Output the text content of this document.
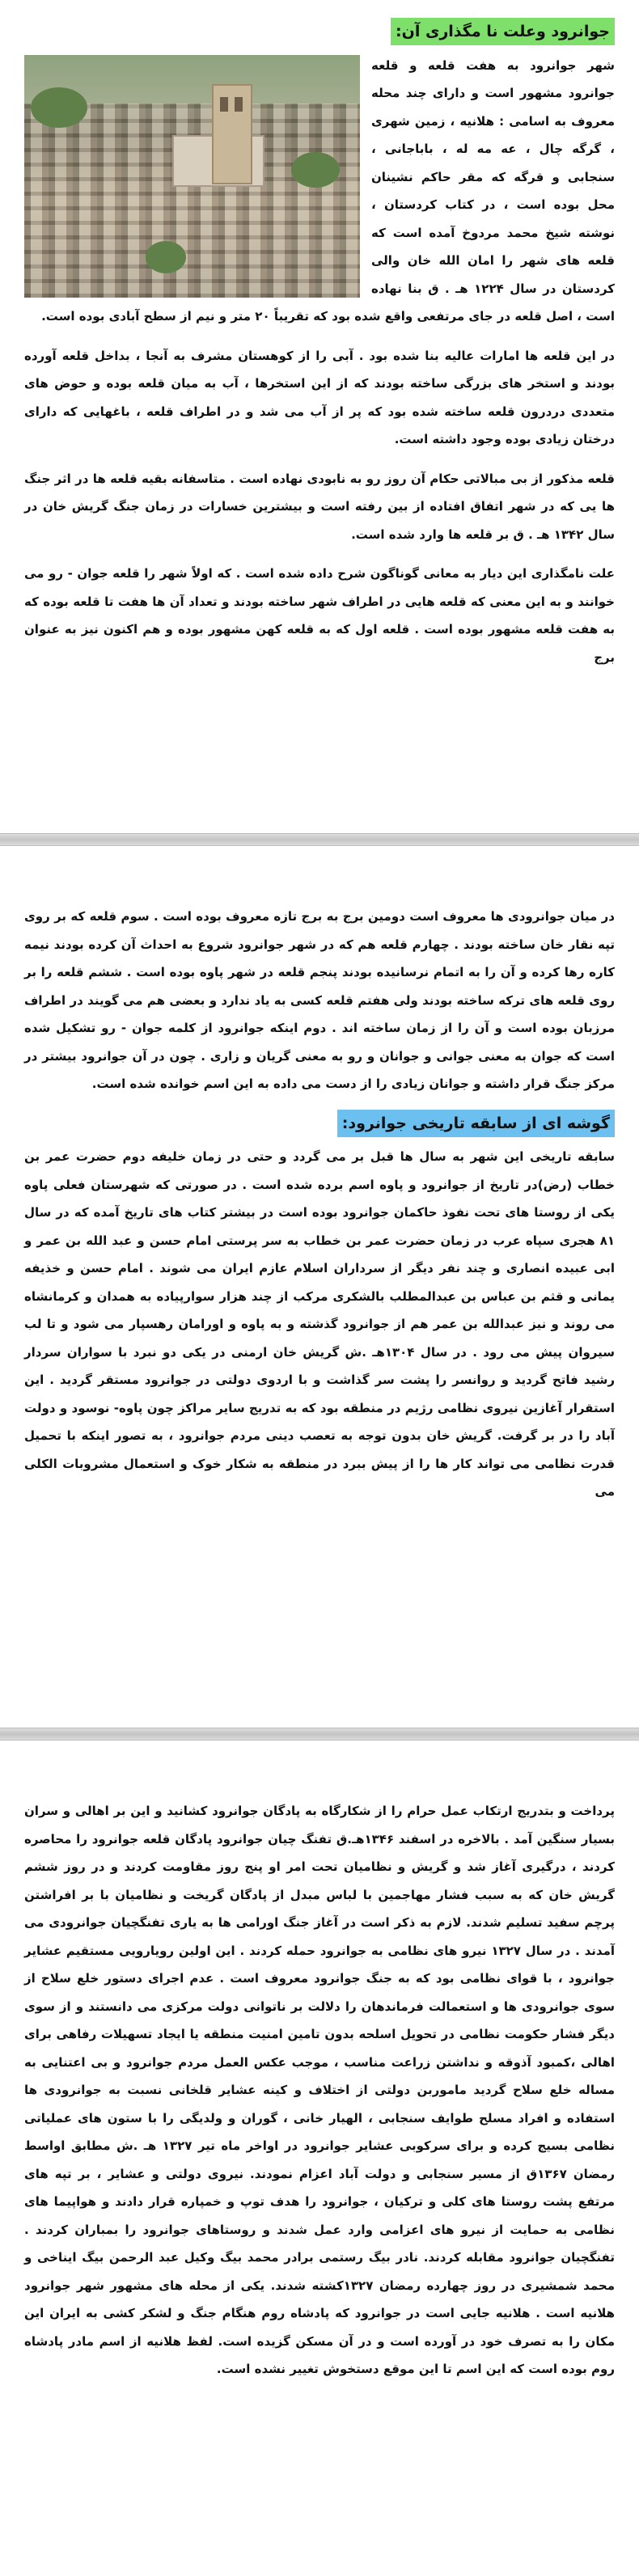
جوانرود وعلت نا مگذاری آن:

شهر جوانرود به هفت قلعه و قلعه جوانرود مشهور است و دارای چند محله معروف به اسامی : هلانیه ، زمین شهری ، گرگه چال ، عه مه له ، باباجانی ، سنجابی و قرگه که مقر حاکم نشینان محل بوده است ، در کتاب کردستان ، نوشته شیخ محمد مردوخ آمده است که قلعه های شهر را امان الله خان والی کردستان در سال ۱۲۲۴ هـ . ق بنا نهاده است ، اصل قلعه در جای مرتفعی واقع شده بود که تقریباً ۲۰ متر و نیم از سطح آبادی بوده است.

در این قلعه ها امارات عالیه بنا شده بود . آبی را از کوهستان مشرف به آنجا ، بداخل قلعه آورده بودند و استخر های بزرگی ساخته بودند که از این استخرها ، آب به میان قلعه بوده و حوض های متعددی دردرون قلعه ساخته شده بود که پر از آب می شد و در اطراف قلعه ، باغهایی که دارای درختان زیادی بوده وجود داشته است.

قلعه مذکور از بی مبالاتی حکام آن روز رو به نابودی نهاده است . متاسفانه بقیه قلعه ها در اثر جنگ ها یی که در شهر اتفاق افتاده از بین رفته است و بیشترین خسارات در زمان جنگ گریش خان در سال ۱۳۴۲ هـ . ق بر قلعه ها وارد شده است.

علت نامگذاری این دیار به معانی گوناگون شرح داده شده است . که اولاً شهر را قلعه جوان - رو می خوانند و به این معنی که قلعه هایی در اطراف شهر ساخته بودند و تعداد آن ها هفت تا قلعه بوده که به هفت قلعه مشهور بوده است . قلعه اول که به قلعه کهن مشهور بوده و هم اکنون نیز به عنوان برج

در میان جوانرودی ها معروف است دومین برج به برج تازه معروف بوده است . سوم قلعه که بر روی تپه نقار خان ساخته بودند . چهارم قلعه هم که در شهر جوانرود شروع به احداث آن کرده بودند نیمه کاره رها کرده و آن را به اتمام نرسانیده بودند پنجم قلعه در شهر پاوه بوده است . ششم قلعه را بر روی قلعه های ترکه ساخته بودند ولی هفتم قلعه کسی به یاد ندارد و بعضی هم می گویند در اطراف مرزبان بوده است و آن را از زمان ساخته اند . دوم اینکه جوانرود از کلمه جوان - رو تشکیل شده است که جوان به معنی جوانی و جوانان و رو به معنی گریان و زاری . چون در آن جوانرود بیشتر در مرکز جنگ قرار داشته و جوانان زیادی را از دست می داده به این اسم خوانده شده است.

گوشه ای از سابقه تاریخی جوانرود:

سابقه تاریخی این شهر به سال ها قبل بر می گردد و حتی در زمان خلیفه دوم حضرت عمر بن خطاب (رض)در تاریخ از جوانرود و پاوه اسم برده شده است . در صورتی که شهرستان فعلی پاوه یکی از روستا های تحت نفوذ حاکمان جوانرود بوده است در بیشتر کتاب های تاریخ آمده که در سال ۸۱ هجری سپاه عرب در زمان حضرت عمر بن خطاب به سر پرستی امام حسن و عبد الله بن عمر و ابی عبیده انصاری و چند نفر دیگر از سرداران اسلام عازم ایران می شوند . امام حسن و خذیفه یمانی و قثم بن عباس بن عبدالمطلب بالشکری مرکب از چند هزار سوارپیاده به همدان و کرمانشاه می روند و نیز عبدالله بن عمر هم از جوانرود گذشته و به پاوه و اورامان رهسپار می شود و تا لب سیروان پیش می رود . در سال ۱۳۰۴هـ .ش گریش خان ارمنی در یکی دو نبرد با سواران سردار رشید فاتح گردید و روانسر را پشت سر گذاشت و با اردوی دولتی در جوانرود مستقر گردید . این استقرار آغازین نیروی نظامی رژیم در منطقه بود که به تدریج سایر مراکز چون پاوه- نوسود و دولت آباد را در بر گرفت. گریش خان بدون توجه به تعصب دینی مردم جوانرود ، به تصور اینکه با تحمیل قدرت نظامی می تواند کار ها را از پیش ببرد در منطقه به شکار خوک و استعمال مشروبات الکلی می

پرداخت و بتدریج ارتکاب عمل حرام را از شکارگاه به پادگان جوانرود کشانید و این بر اهالی و سران بسیار سنگین آمد . بالاخره در اسفند ۱۳۴۶هـ.ق تفنگ چیان جوانرود پادگان قلعه جوانرود را محاصره کردند ، درگیری آغاز شد و گریش و نظامیان تحت امر او پنج روز مقاومت کردند و در روز ششم گریش خان که به سبب فشار مهاجمین با لباس مبدل از پادگان گریخت و نظامیان با بر افراشتن پرچم سفید تسلیم شدند. لازم به ذکر است در آغاز جنگ اورامی ها به یاری تفنگچیان جوانرودی می آمدند . در سال ۱۳۲۷ نیرو های نظامی به جوانرود حمله کردند . این اولین رویارویی مستقیم عشایر جوانرود ، با قوای نظامی بود که به جنگ جوانرود معروف است . عدم اجرای دستور خلع سلاح از سوی جوانرودی ها و استعمالت فرماندهان را دلالت بر ناتوانی دولت مرکزی می دانستند و از سوی دیگر فشار حکومت نظامی در تحویل اسلحه بدون تامین امنیت منطقه یا ایجاد تسهیلات رفاهی برای اهالی ،کمبود آذوقه و نداشتن زراعت مناسب ، موجب عکس العمل مردم جوانرود و بی اعتنایی به مساله خلع سلاح گردید ماموربن دولتی از اختلاف و کینه عشایر قلخانی نسبت به جوانرودی ها استفاده و افراد مسلح طوایف سنجابی ، الهیار خانی ، گوران و ولدیگی را با ستون های عملیاتی نظامی بسیج کرده و برای سرکوبی عشایر جوانرود در اواخر ماه تیر ۱۳۲۷ هـ .ش مطابق اواسط رمضان ۱۳۶۷ق از مسیر سنجابی و دولت آباد اعزام نمودند. نیروی دولتی و عشایر ، بر تپه های مرتفع پشت روستا های کلی و ترکیان ، جوانرود را هدف توپ و خمپاره قرار دادند و هواپیما های نظامی به حمایت از نیرو های اعزامی وارد عمل شدند و روستاهای جوانرود را بمباران کردند . تفنگچیان جوانرود مقابله کردند. نادر بیگ رستمی برادر محمد بیگ وکیل عبد الرحمن بیگ ایناخی و محمد شمشیری در روز چهارده رمضان ۱۳۲۷کشته شدند. یکی از محله های مشهور شهر جوانرود هلانیه است . هلانیه جایی است در جوانرود که پادشاه روم هنگام جنگ و لشکر کشی به ایران این مکان را به تصرف خود در آورده است و در آن مسکن گزیده است. لفظ هلانیه از اسم مادر پادشاه روم بوده است که این اسم تا این موقع دستخوش تغییر نشده است.
